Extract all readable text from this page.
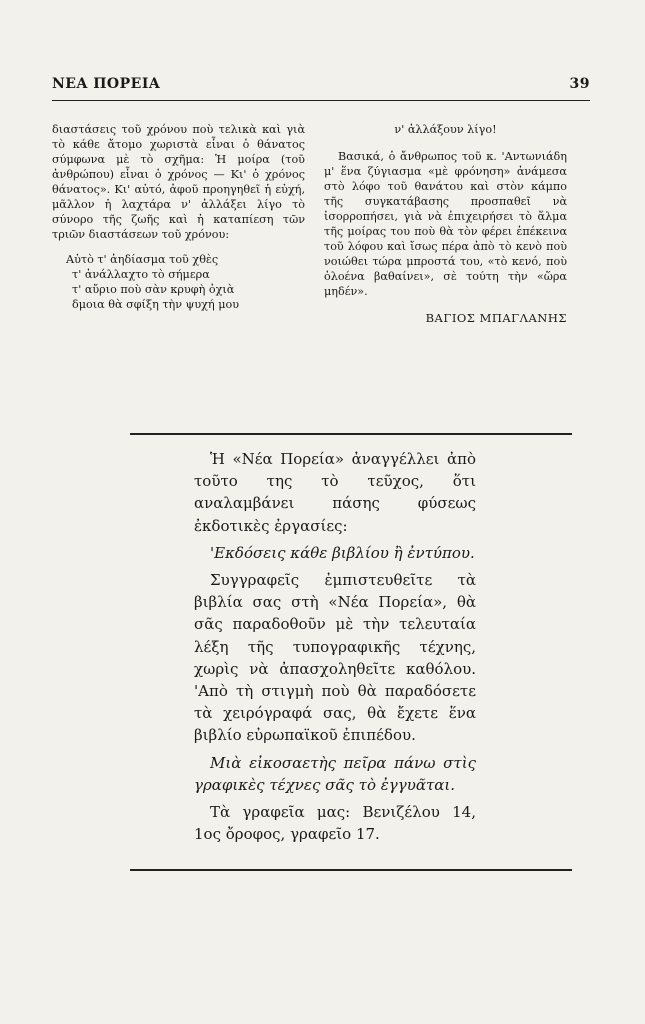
ΝΕΑ ΠΟΡΕΙΑ	39

διαστάσεις τοῦ χρόνου ποὺ τελικὰ καὶ γιὰ τὸ κάθε ἄτομο χωριστὰ εἶναι ὁ θάνατος σύμφωνα μὲ τὸ σχῆμα: Ἡ μοίρα (τοῦ ἀνθρώπου) εἶναι ὁ χρόνος — Κι' ὁ χρόνος θάνατος». Κι' αὐτό, ἀφοῦ προηγηθεῖ ἡ εὐχή, μᾶλλον ἡ λαχτάρα ν' ἀλλάξει λίγο τὸ σύνορο τῆς ζωῆς καὶ ἡ καταπίεση τῶν τριῶν διαστάσεων τοῦ χρόνου:

Αὐτὸ τ' ἀηδίασμα τοῦ χθὲς
τ' ἀνάλλαχτο τὸ σήμερα
τ' αὔριο ποὺ σὰν κρυφὴ ὀχιὰ
δμοια θὰ σφίξη τὴν ψυχή μου

ν' ἀλλάξουν λίγο!

Βασικά, ὁ ἄνθρωπος τοῦ κ. 'Αντωνιάδη μ' ἕνα ζύγιασμα «μὲ φρόνηση» ἀνάμεσα στὸ λόφο τοῦ θανάτου καὶ στὸν κάμπο τῆς συγκατάβασης προσπαθεῖ νὰ ἰσορροπήσει, γιὰ νὰ ἐπιχειρήσει τὸ ἅλμα τῆς μοίρας του ποὺ θὰ τὸν φέρει ἐπέκεινα τοῦ λόφου καὶ ἴσως πέρα ἀπὸ τὸ κενὸ ποὺ νοιώθει τώρα μπροστά του, «τὸ κενό, ποὺ ὁλοένα βαθαίνει», σὲ τούτη τὴν «ὥρα μηδέν».

ΒΑΓΙΟΣ ΜΠΑΓΛΑΝΗΣ

Ἡ «Νέα Πορεία» ἀναγγέλλει ἀπὸ τοῦτο της τὸ τεῦχος, ὅτι αναλαμβάνει πάσης φύσεως ἐκδοτικὲς ἐργασίες:

'Εκδόσεις κάθε βιβλίου ἢ ἐντύπου.

Συγγραφεῖς ἐμπιστευθεῖτε τὰ βιβλία σας στὴ «Νέα Πορεία», θὰ σᾶς παραδοθοῦν μὲ τὴν τελευταία λέξη τῆς τυπογραφικῆς τέχνης, χωρὶς νὰ ἀπασχοληθεῖτε καθόλου. 'Απὸ τὴ στιγμὴ ποὺ θὰ παραδόσετε τὰ χειρόγραφά σας, θὰ ἔχετε ἕνα βιβλίο εὐρωπαϊκοῦ ἐπιπέδου.

Μιὰ εἰκοσαετὴς πεῖρα πάνω στὶς γραφικὲς τέχνες σᾶς τὸ ἐγγυᾶται.

Τὰ γραφεῖα μας: Βενιζέλου 14, 1ος ὄροφος, γραφεῖο 17.
